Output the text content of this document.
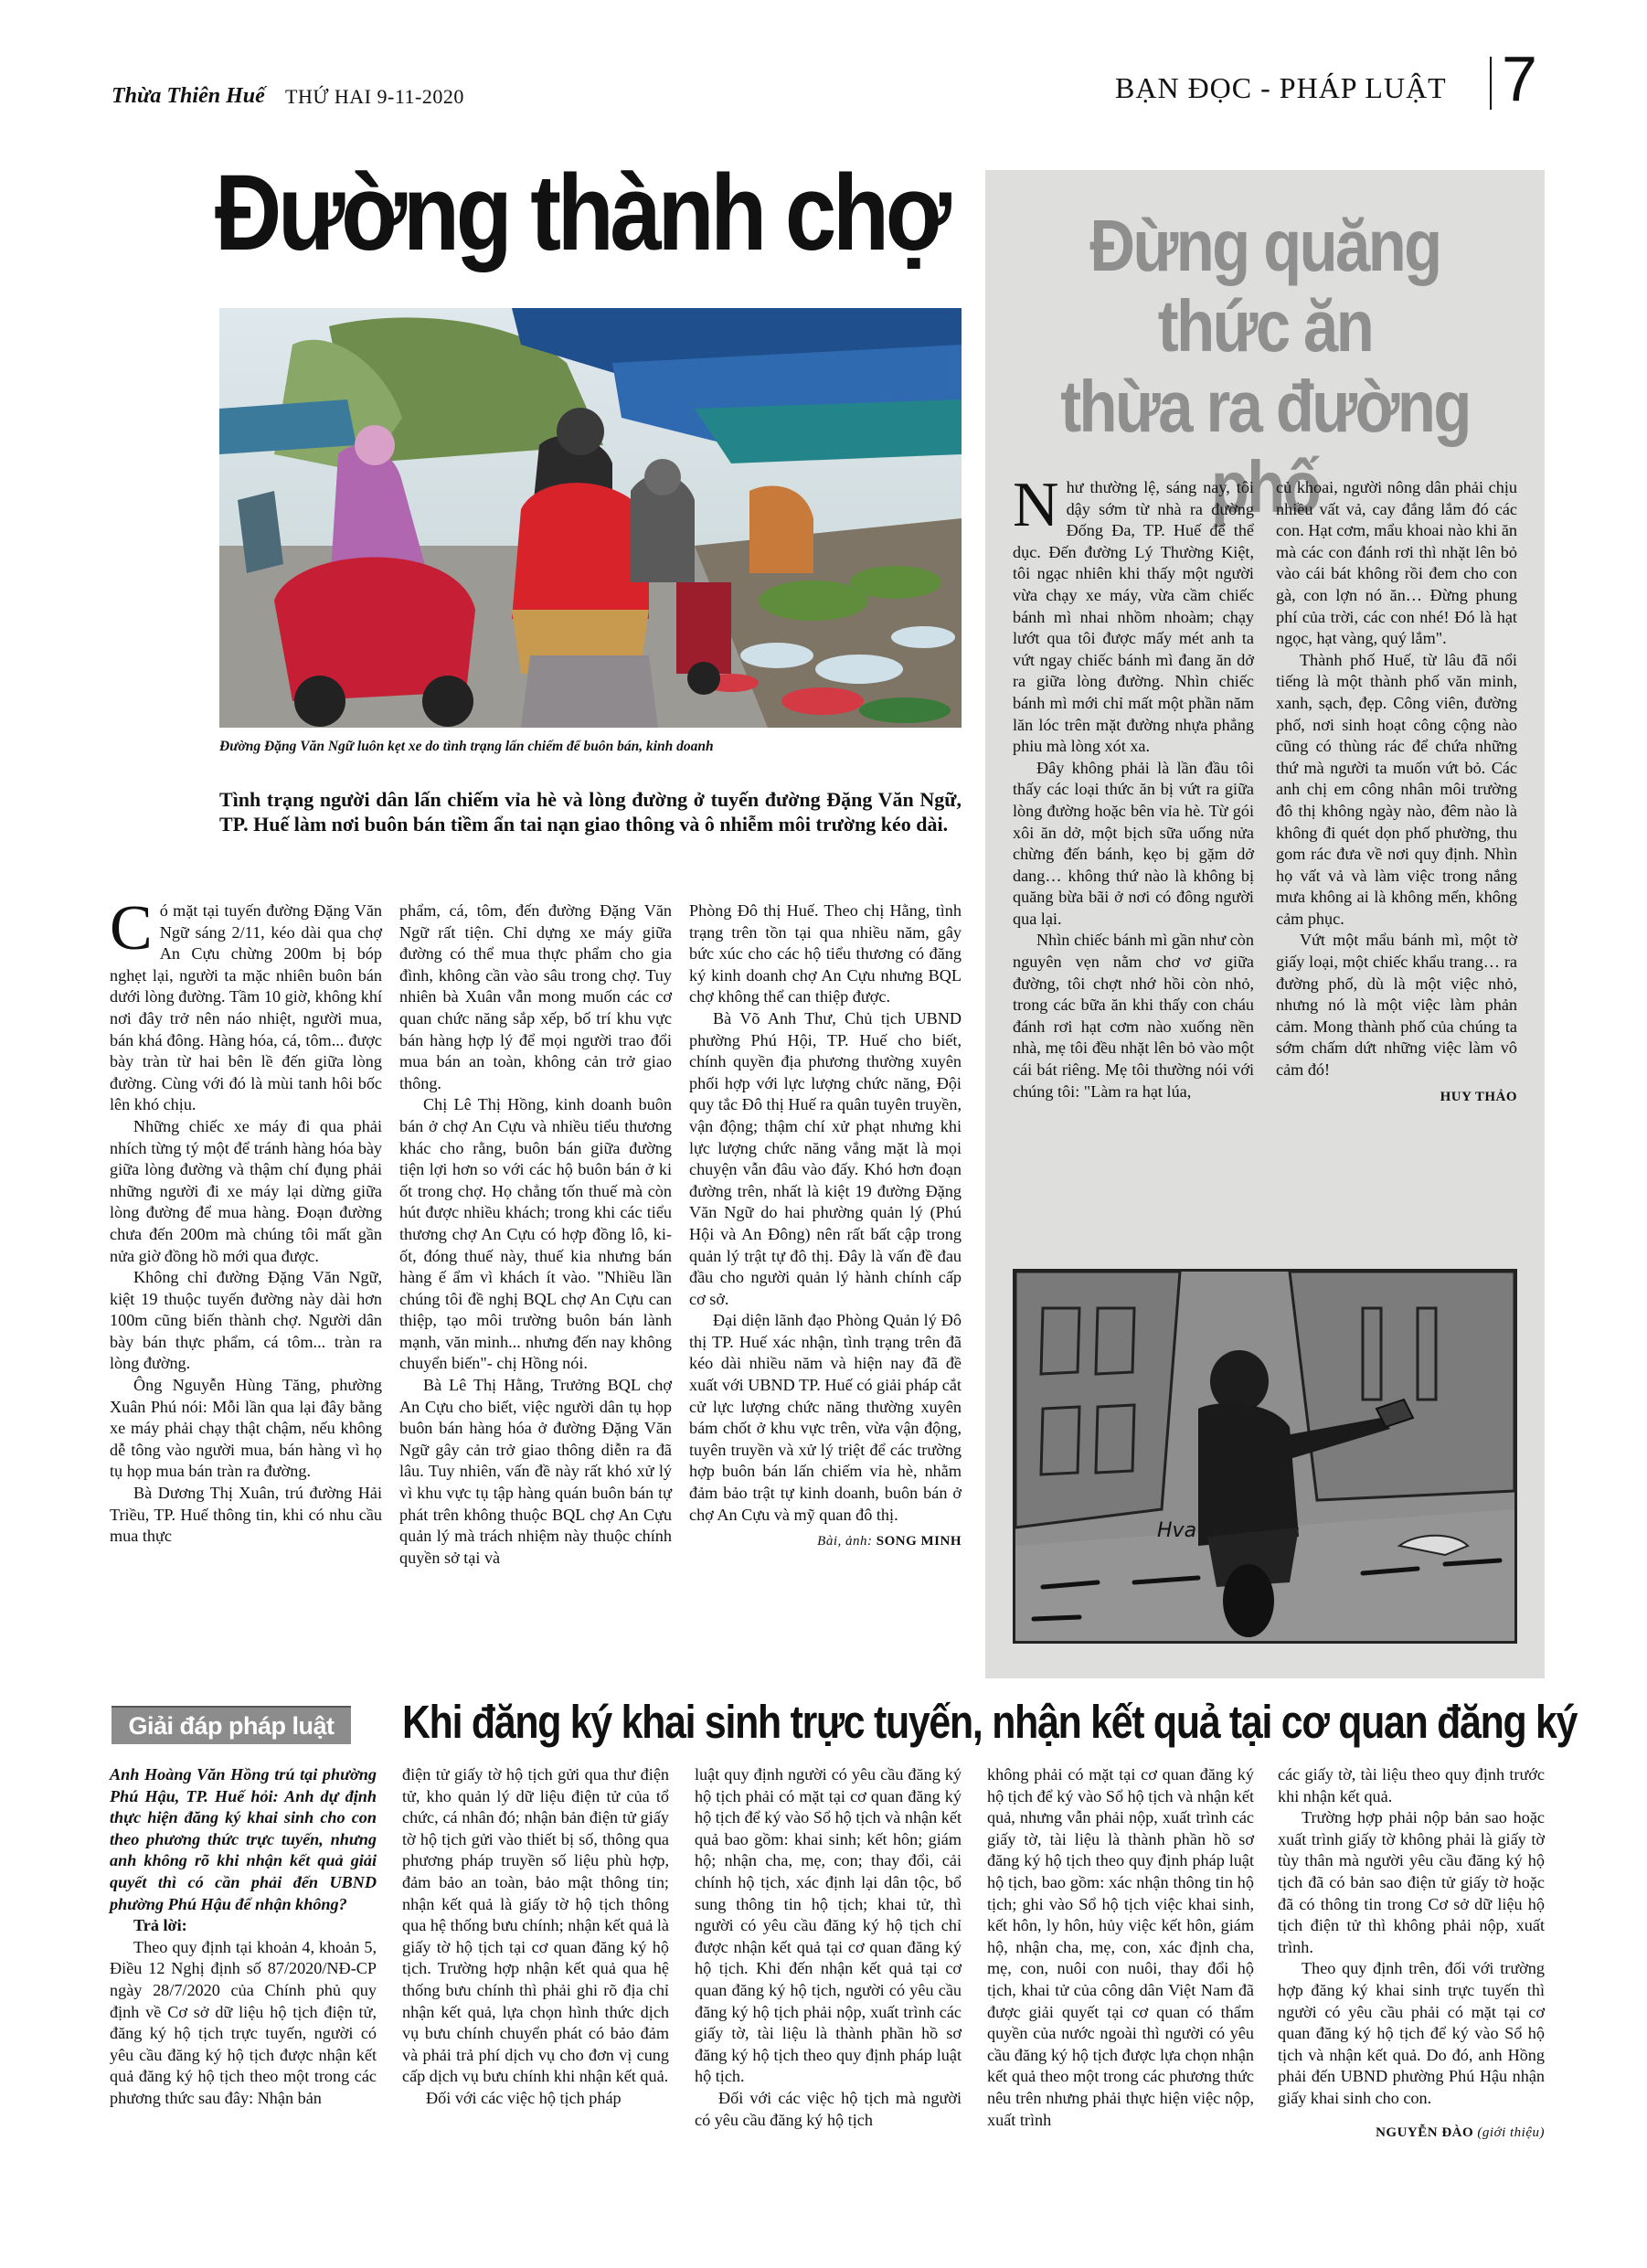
Thừa Thiên Huế THỨ HAI 9-11-2020	BẠN ĐỌC - PHÁP LUẬT 7
Đường thành chợ
Đường Đặng Văn Ngữ luôn kẹt xe do tình trạng lấn chiếm để buôn bán, kinh doanh
Tình trạng người dân lấn chiếm vỉa hè và lòng đường ở tuyến đường Đặng Văn Ngữ, TP. Huế làm nơi buôn bán tiềm ẩn tai nạn giao thông và ô nhiễm môi trường kéo dài.

Có mặt tại tuyến đường Đặng Văn Ngữ sáng 2/11, kéo dài qua chợ An Cựu chừng 200m bị bóp nghẹt lại, người ta mặc nhiên buôn bán dưới lòng đường. Tầm 10 giờ, không khí nơi đây trở nên náo nhiệt, người mua, bán khá đông. Hàng hóa, cá, tôm... được bày tràn từ hai bên lề đến giữa lòng đường. Cùng với đó là mùi tanh hôi bốc lên khó chịu.

Những chiếc xe máy đi qua phải nhích từng tý một để tránh hàng hóa bày giữa lòng đường và thậm chí đụng phải những người đi xe máy lại dừng giữa lòng đường để mua hàng. Đoạn đường chưa đến 200m mà chúng tôi mất gần nửa giờ đồng hồ mới qua được.

Không chỉ đường Đặng Văn Ngữ, kiệt 19 thuộc tuyến đường này dài hơn 100m cũng biến thành chợ. Người dân bày bán thực phẩm, cá tôm... tràn ra lòng đường.

Ông Nguyễn Hùng Tăng, phường Xuân Phú nói: Mỗi lần qua lại đây bằng xe máy phải chạy thật chậm, nếu không dễ tông vào người mua, bán hàng vì họ tụ họp mua bán tràn ra đường.

Bà Dương Thị Xuân, trú đường Hải Triều, TP. Huế thông tin, khi có nhu cầu mua thực

phẩm, cá, tôm, đến đường Đặng Văn Ngữ rất tiện. Chỉ dựng xe máy giữa đường có thể mua thực phẩm cho gia đình, không cần vào sâu trong chợ. Tuy nhiên bà Xuân vẫn mong muốn các cơ quan chức năng sắp xếp, bố trí khu vực bán hàng hợp lý để mọi người trao đổi mua bán an toàn, không cản trở giao thông.

Chị Lê Thị Hồng, kinh doanh buôn bán ở chợ An Cựu và nhiều tiểu thương khác cho rằng, buôn bán giữa đường tiện lợi hơn so với các hộ buôn bán ở ki ốt trong chợ. Họ chẳng tốn thuế mà còn hút được nhiều khách; trong khi các tiểu thương chợ An Cựu có hợp đồng lô, ki-ốt, đóng thuế này, thuế kia nhưng bán hàng ế ẩm vì khách ít vào. "Nhiều lần chúng tôi đề nghị BQL chợ An Cựu can thiệp, tạo môi trường buôn bán lành mạnh, văn minh... nhưng đến nay không chuyển biến"- chị Hồng nói.

Bà Lê Thị Hằng, Trưởng BQL chợ An Cựu cho biết, việc người dân tụ họp buôn bán hàng hóa ở đường Đặng Văn Ngữ gây cản trở giao thông diễn ra đã lâu. Tuy nhiên, vấn đề này rất khó xử lý vì khu vực tụ tập hàng quán buôn bán tự phát trên không thuộc BQL chợ An Cựu quản lý mà trách nhiệm này thuộc chính quyền sở tại và

Phòng Đô thị Huế. Theo chị Hằng, tình trạng trên tồn tại qua nhiều năm, gây bức xúc cho các hộ tiểu thương có đăng ký kinh doanh chợ An Cựu nhưng BQL chợ không thể can thiệp được.

Bà Võ Anh Thư, Chủ tịch UBND phường Phú Hội, TP. Huế cho biết, chính quyền địa phương thường xuyên phối hợp với lực lượng chức năng, Đội quy tắc Đô thị Huế ra quân tuyên truyền, vận động; thậm chí xử phạt nhưng khi lực lượng chức năng vắng mặt là mọi chuyện vẫn đâu vào đấy. Khó hơn đoạn đường trên, nhất là kiệt 19 đường Đặng Văn Ngữ do hai phường quản lý (Phú Hội và An Đông) nên rất bất cập trong quản lý trật tự đô thị. Đây là vấn đề đau đầu cho người quản lý hành chính cấp cơ sở.

Đại diện lãnh đạo Phòng Quản lý Đô thị TP. Huế xác nhận, tình trạng trên đã kéo dài nhiều năm và hiện nay đã đề xuất với UBND TP. Huế có giải pháp cắt cử lực lượng chức năng thường xuyên bám chốt ở khu vực trên, vừa vận động, tuyên truyền và xử lý triệt để các trường hợp buôn bán lấn chiếm vỉa hè, nhằm đảm bảo trật tự kinh doanh, buôn bán ở chợ An Cựu và mỹ quan đô thị.

Bài, ảnh: SONG MINH
Đừng quăng thức ăn
thừa ra đường phố

Như thường lệ, sáng nay, tôi dậy sớm từ nhà ra đường Đống Đa, TP. Huế để thể dục. Đến đường Lý Thường Kiệt, tôi ngạc nhiên khi thấy một người vừa chạy xe máy, vừa cầm chiếc bánh mì nhai nhồm nhoàm; chạy lướt qua tôi được mấy mét anh ta vứt ngay chiếc bánh mì đang ăn dở ra giữa lòng đường. Nhìn chiếc bánh mì mới chỉ mất một phần năm lăn lóc trên mặt đường nhựa phẳng phiu mà lòng xót xa.

Đây không phải là lần đầu tôi thấy các loại thức ăn bị vứt ra giữa lòng đường hoặc bên vỉa hè. Từ gói xôi ăn dở, một bịch sữa uống nửa chừng đến bánh, kẹo bị gặm dở dang… không thứ nào là không bị quăng bừa bãi ở nơi có đông người qua lại.

Nhìn chiếc bánh mì gần như còn nguyên vẹn nằm chơ vơ giữa đường, tôi chợt nhớ hồi còn nhỏ, trong các bữa ăn khi thấy con cháu đánh rơi hạt cơm nào xuống nền nhà, mẹ tôi đều nhặt lên bỏ vào một cái bát riêng. Mẹ tôi thường nói với chúng tôi: "Làm ra hạt lúa,

củ khoai, người nông dân phải chịu nhiều vất vả, cay đắng lắm đó các con. Hạt cơm, mẩu khoai nào khi ăn mà các con đánh rơi thì nhặt lên bỏ vào cái bát không rồi đem cho con gà, con lợn nó ăn… Đừng phung phí của trời, các con nhé! Đó là hạt ngọc, hạt vàng, quý lắm".

Thành phố Huế, từ lâu đã nổi tiếng là một thành phố văn minh, xanh, sạch, đẹp. Công viên, đường phố, nơi sinh hoạt công cộng nào cũng có thùng rác để chứa những thứ mà người ta muốn vứt bỏ. Các anh chị em công nhân môi trường đô thị không ngày nào, đêm nào là không đi quét dọn phố phường, thu gom rác đưa về nơi quy định. Nhìn họ vất vả và làm việc trong nắng mưa không ai là không mến, không cảm phục.

Vứt một mẩu bánh mì, một tờ giấy loại, một chiếc khẩu trang… ra đường phố, dù là một việc nhỏ, nhưng nó là một việc làm phản cảm. Mong thành phố của chúng ta sớm chấm dứt những việc làm vô cảm đó!

HUY THẢO
Hva
Giải đáp pháp luật	Khi đăng ký khai sinh trực tuyến, nhận kết quả tại cơ quan đăng ký

Anh Hoàng Văn Hồng trú tại phường Phú Hậu, TP. Huế hỏi: Anh dự định thực hiện đăng ký khai sinh cho con theo phương thức trực tuyến, nhưng anh không rõ khi nhận kết quả giải quyết thì có cần phải đến UBND phường Phú Hậu để nhận không?

Trả lời:

Theo quy định tại khoản 4, khoản 5, Điều 12 Nghị định số 87/2020/NĐ-CP ngày 28/7/2020 của Chính phủ quy định về Cơ sở dữ liệu hộ tịch điện tử, đăng ký hộ tịch trực tuyến, người có yêu cầu đăng ký hộ tịch được nhận kết quả đăng ký hộ tịch theo một trong các phương thức sau đây: Nhận bản

điện tử giấy tờ hộ tịch gửi qua thư điện tử, kho quản lý dữ liệu điện tử của tổ chức, cá nhân đó; nhận bản điện tử giấy tờ hộ tịch gửi vào thiết bị số, thông qua phương pháp truyền số liệu phù hợp, đảm bảo an toàn, bảo mật thông tin; nhận kết quả là giấy tờ hộ tịch thông qua hệ thống bưu chính; nhận kết quả là giấy tờ hộ tịch tại cơ quan đăng ký hộ tịch. Trường hợp nhận kết quả qua hệ thống bưu chính thì phải ghi rõ địa chỉ nhận kết quả, lựa chọn hình thức dịch vụ bưu chính chuyển phát có bảo đảm và phải trả phí dịch vụ cho đơn vị cung cấp dịch vụ bưu chính khi nhận kết quả.

Đối với các việc hộ tịch pháp

luật quy định người có yêu cầu đăng ký hộ tịch phải có mặt tại cơ quan đăng ký hộ tịch để ký vào Sổ hộ tịch và nhận kết quả bao gồm: khai sinh; kết hôn; giám hộ; nhận cha, mẹ, con; thay đổi, cải chính hộ tịch, xác định lại dân tộc, bổ sung thông tin hộ tịch; khai tử, thì người có yêu cầu đăng ký hộ tịch chỉ được nhận kết quả tại cơ quan đăng ký hộ tịch. Khi đến nhận kết quả tại cơ quan đăng ký hộ tịch, người có yêu cầu đăng ký hộ tịch phải nộp, xuất trình các giấy tờ, tài liệu là thành phần hồ sơ đăng ký hộ tịch theo quy định pháp luật hộ tịch.

Đối với các việc hộ tịch mà người có yêu cầu đăng ký hộ tịch

không phải có mặt tại cơ quan đăng ký hộ tịch để ký vào Sổ hộ tịch và nhận kết quả, nhưng vẫn phải nộp, xuất trình các giấy tờ, tài liệu là thành phần hồ sơ đăng ký hộ tịch theo quy định pháp luật hộ tịch, bao gồm: xác nhận thông tin hộ tịch; ghi vào Sổ hộ tịch việc khai sinh, kết hôn, ly hôn, hủy việc kết hôn, giám hộ, nhận cha, mẹ, con, xác định cha, mẹ, con, nuôi con nuôi, thay đổi hộ tịch, khai tử của công dân Việt Nam đã được giải quyết tại cơ quan có thẩm quyền của nước ngoài thì người có yêu cầu đăng ký hộ tịch được lựa chọn nhận kết quả theo một trong các phương thức nêu trên nhưng phải thực hiện việc nộp, xuất trình

các giấy tờ, tài liệu theo quy định trước khi nhận kết quả.

Trường hợp phải nộp bản sao hoặc xuất trình giấy tờ không phải là giấy tờ tùy thân mà người yêu cầu đăng ký hộ tịch đã có bản sao điện tử giấy tờ hoặc đã có thông tin trong Cơ sở dữ liệu hộ tịch điện tử thì không phải nộp, xuất trình.

Theo quy định trên, đối với trường hợp đăng ký khai sinh trực tuyến thì người có yêu cầu phải có mặt tại cơ quan đăng ký hộ tịch để ký vào Sổ hộ tịch và nhận kết quả. Do đó, anh Hồng phải đến UBND phường Phú Hậu nhận giấy khai sinh cho con.

NGUYỄN ĐÀO (giới thiệu)
